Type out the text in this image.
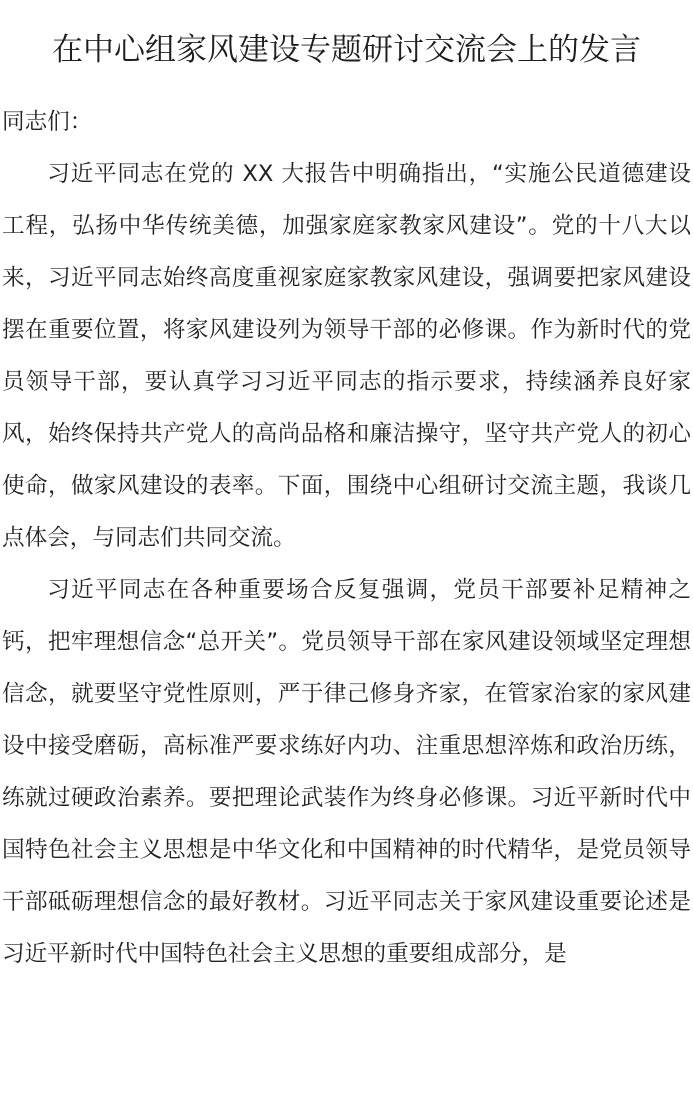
在中心组家风建设专题研讨交流会上的发言

同志们：

习近平同志在党的 XX 大报告中明确指出，“实施公民道德建设工程，弘扬中华传统美德，加强家庭家教家风建设”。党的十八大以来，习近平同志始终高度重视家庭家教家风建设，强调要把家风建设摆在重要位置，将家风建设列为领导干部的必修课。作为新时代的党员领导干部，要认真学习习近平同志的指示要求，持续涵养良好家风，始终保持共产党人的高尚品格和廉洁操守，坚守共产党人的初心使命，做家风建设的表率。下面，围绕中心组研讨交流主题，我谈几点体会，与同志们共同交流。

习近平同志在各种重要场合反复强调，党员干部要补足精神之钙，把牢理想信念“总开关”。党员领导干部在家风建设领域坚定理想信念，就要坚守党性原则，严于律己修身齐家，在管家治家的家风建设中接受磨砺，高标准严要求练好内功、注重思想淬炼和政治历练，练就过硬政治素养。要把理论武装作为终身必修课。习近平新时代中国特色社会主义思想是中华文化和中国精神的时代精华，是党员领导干部砥砺理想信念的最好教材。习近平同志关于家风建设重要论述是习近平新时代中国特色社会主义思想的重要组成部分，是
